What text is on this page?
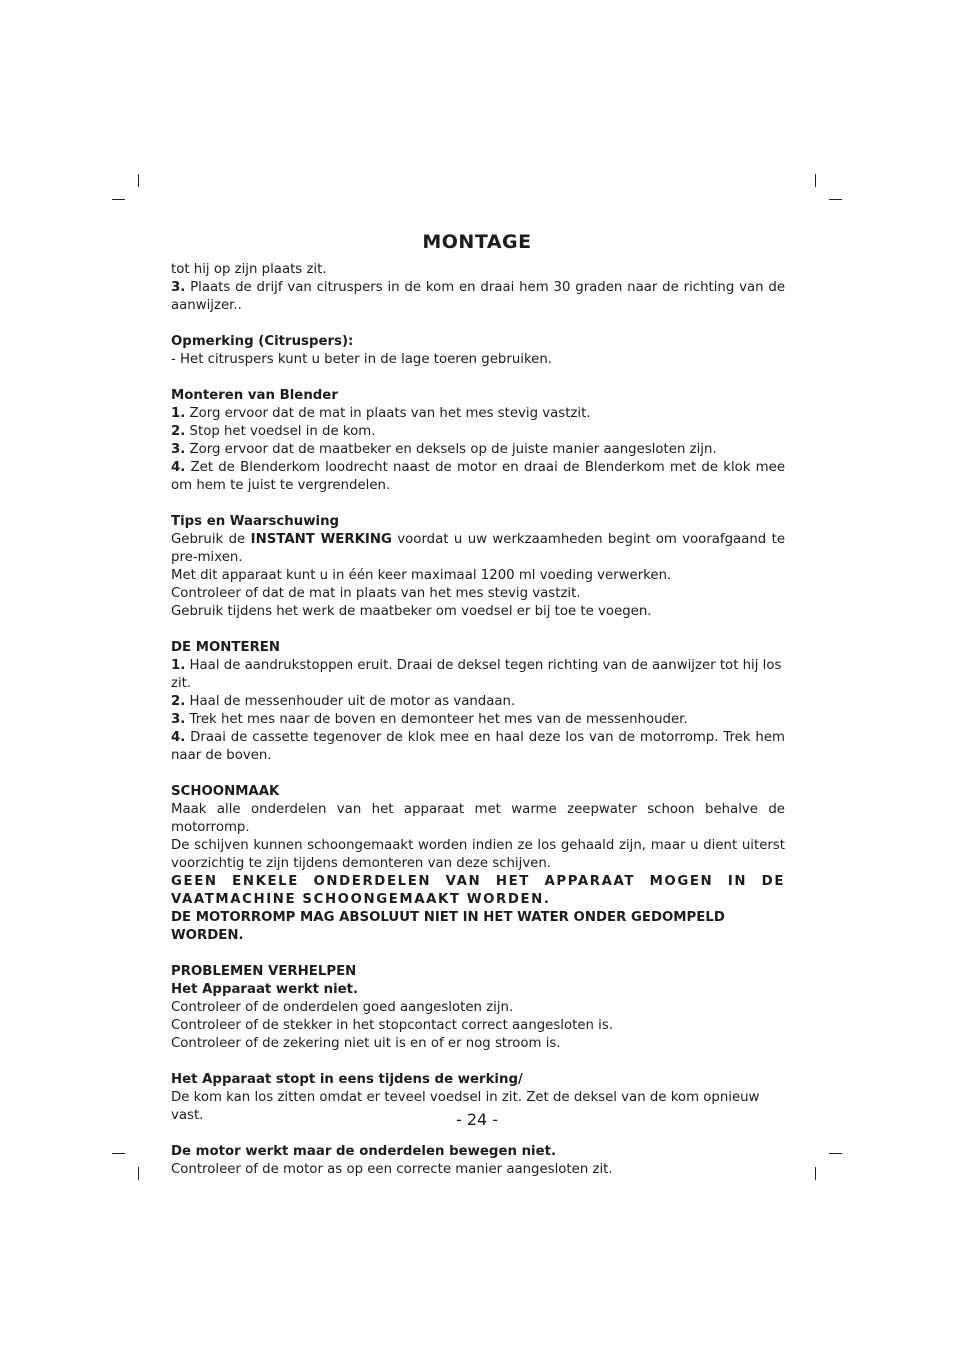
MONTAGE

tot hij op zijn plaats zit.

3. Plaats de drijf van citruspers in de kom en draai hem 30 graden naar de richting van de aanwijzer..

Opmerking (Citruspers):

- Het citruspers kunt u beter in de lage toeren gebruiken.

Monteren van Blender

1. Zorg ervoor dat de mat in plaats van het mes stevig vastzit.

2. Stop het voedsel in de kom.

3. Zorg ervoor dat de maatbeker en deksels op de juiste manier aangesloten zijn.

4. Zet de Blenderkom loodrecht naast de motor en draai de Blenderkom met de klok mee om hem te juist te vergrendelen.

Tips en Waarschuwing

Gebruik de INSTANT WERKING voordat u uw werkzaamheden begint om voorafgaand te pre-mixen.

Met dit apparaat kunt u in één keer maximaal 1200 ml voeding verwerken.

Controleer of dat de mat in plaats van het mes stevig vastzit.

Gebruik tijdens het werk de maatbeker om voedsel er bij toe te voegen.

DE MONTEREN

1. Haal de aandrukstoppen eruit. Draai de deksel tegen richting van de aanwijzer tot hij los zit.

2. Haal de messenhouder uit de motor as vandaan.

3. Trek het mes naar de boven en demonteer het mes van de messenhouder.

4. Draai de cassette tegenover de klok mee en haal deze los van de motorromp. Trek hem naar de boven.

SCHOONMAAK

Maak alle onderdelen van het apparaat met warme zeepwater schoon behalve de motorromp.

De schijven kunnen schoongemaakt worden indien ze los gehaald zijn, maar u dient uiterst voorzichtig te zijn tijdens demonteren van deze schijven.

GEEN ENKELE ONDERDELEN VAN HET APPARAAT MOGEN IN DE VAATMACHINE SCHOONGEMAAKT WORDEN.

DE MOTORROMP MAG ABSOLUUT NIET IN HET WATER ONDER GEDOMPELD WORDEN.

PROBLEMEN VERHELPEN

Het Apparaat werkt niet.

Controleer of de onderdelen goed aangesloten zijn.

Controleer of de stekker in het stopcontact correct aangesloten is.

Controleer of de zekering niet uit is en of er nog stroom is.

Het Apparaat stopt in eens tijdens de werking/

De kom kan los zitten omdat er teveel voedsel in zit. Zet de deksel van de kom opnieuw vast.

De motor werkt maar de onderdelen bewegen niet.

Controleer of de motor as op een correcte manier aangesloten zit.

- 24 -
